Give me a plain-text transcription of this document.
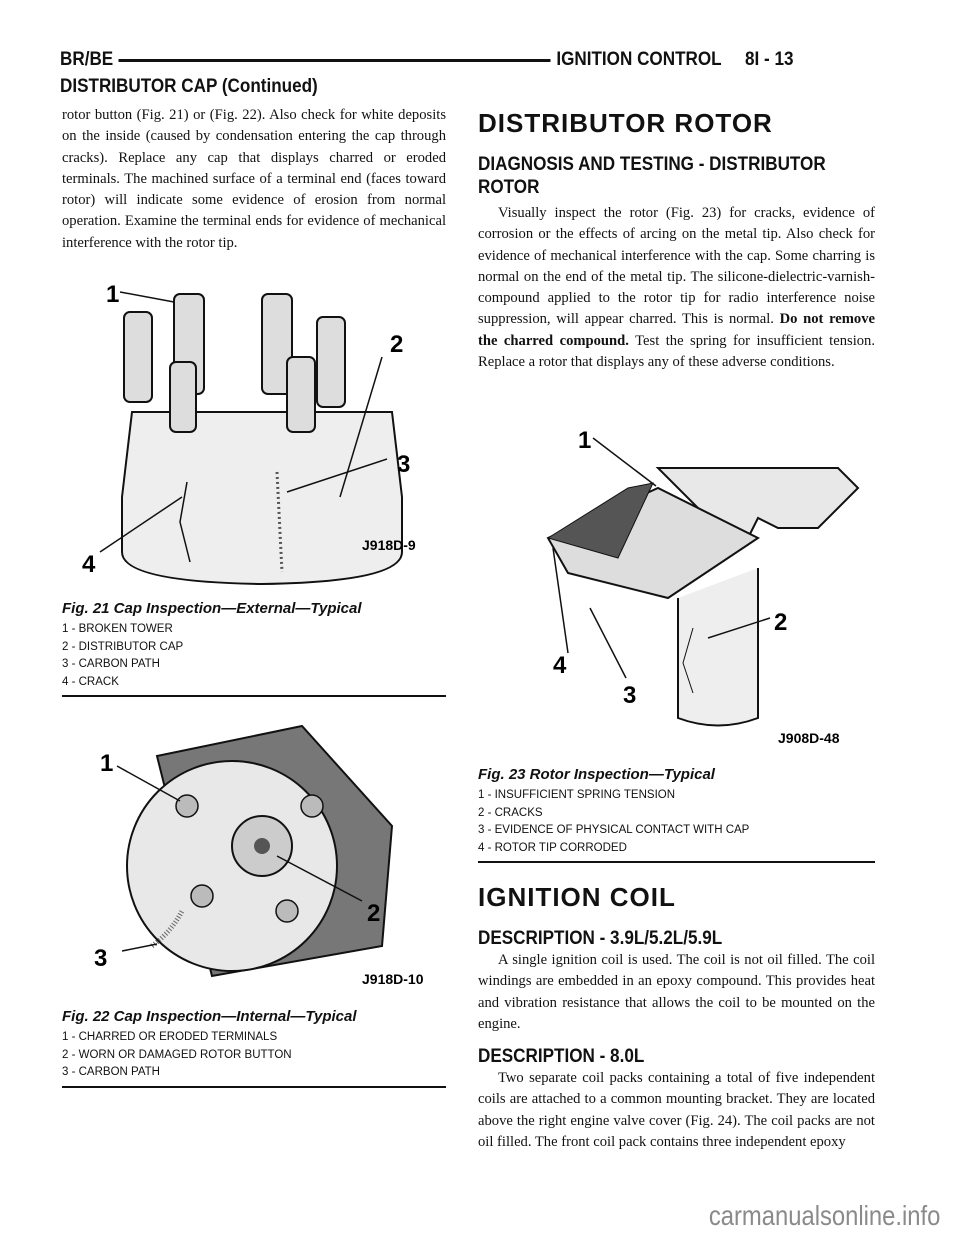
BR/BE	IGNITION CONTROL 8I - 13
DISTRIBUTOR CAP (Continued)

rotor button (Fig. 21) or (Fig. 22). Also check for white deposits on the inside (caused by condensation entering the cap through cracks). Replace any cap that displays charred or eroded terminals. The machined surface of a terminal end (faces toward rotor) will indicate some evidence of erosion from normal operation. Examine the terminal ends for evidence of mechanical interference with the rotor tip.

1
2
3
4
J918D-9
Fig. 21 Cap Inspection—External—Typical
1 - BROKEN TOWER
2 - DISTRIBUTOR CAP
3 - CARBON PATH
4 - CRACK
1
2
3
J918D-10
Fig. 22 Cap Inspection—Internal—Typical
1 - CHARRED OR ERODED TERMINALS
2 - WORN OR DAMAGED ROTOR BUTTON
3 - CARBON PATH
DISTRIBUTOR ROTOR
DIAGNOSIS AND TESTING - DISTRIBUTOR ROTOR

Visually inspect the rotor (Fig. 23) for cracks, evidence of corrosion or the effects of arcing on the metal tip. Also check for evidence of mechanical interference with the cap. Some charring is normal on the end of the metal tip. The silicone-dielectric-varnish-compound applied to the rotor tip for radio interference noise suppression, will appear charred. This is normal. Do not remove the charred compound. Test the spring for insufficient tension. Replace a rotor that displays any of these adverse conditions.

1
2
3
4
J908D-48
Fig. 23 Rotor Inspection—Typical
1 - INSUFFICIENT SPRING TENSION
2 - CRACKS
3 - EVIDENCE OF PHYSICAL CONTACT WITH CAP
4 - ROTOR TIP CORRODED
IGNITION COIL
DESCRIPTION - 3.9L/5.2L/5.9L

A single ignition coil is used. The coil is not oil filled. The coil windings are embedded in an epoxy compound. This provides heat and vibration resistance that allows the coil to be mounted on the engine.

DESCRIPTION - 8.0L

Two separate coil packs containing a total of five independent coils are attached to a common mounting bracket. They are located above the right engine valve cover (Fig. 24). The coil packs are not oil filled. The front coil pack contains three independent epoxy

carmanualsonline.info
